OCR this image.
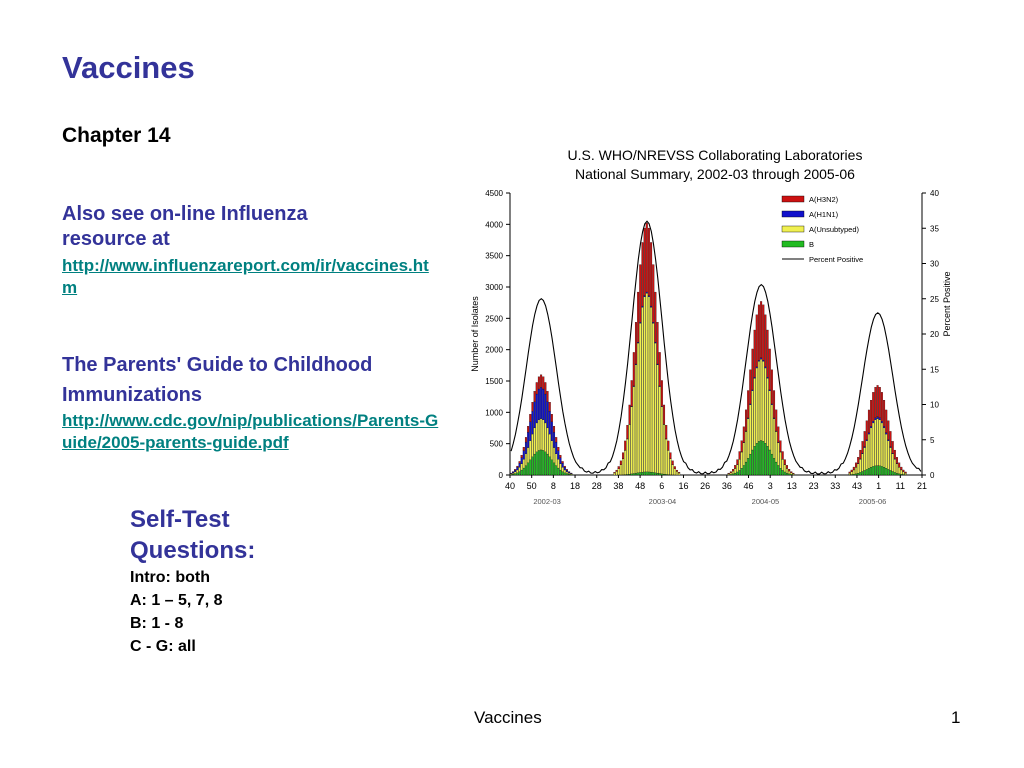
Vaccines
Chapter 14
Also see on-line Influenza resource at
http://www.influenzareport.com/ir/vaccines.htm
The Parents' Guide to Childhood Immunizations
http://www.cdc.gov/nip/publications/Parents-Guide/2005-parents-guide.pdf
Self-Test Questions:
Intro: both
A: 1 – 5, 7, 8
B: 1 - 8
C - G: all
0
500
1000
1500
2000
2500
3000
3500
4000
4500
0
5
10
15
20
25
30
35
40
40 50 8 18 28 38 48 6 16 26 36 46 3 13 23 33 43 1 11 21
2002-03	2003-04	2004-05	2005-06
Number of Isolates	Percent Positive
A(H3N2)
A(H1N1)
A(Unsubtyped)
B
Percent Positive
U.S. WHO/NREVSS Collaborating Laboratories
National Summary, 2002-03 through 2005-06
Vaccines	1
